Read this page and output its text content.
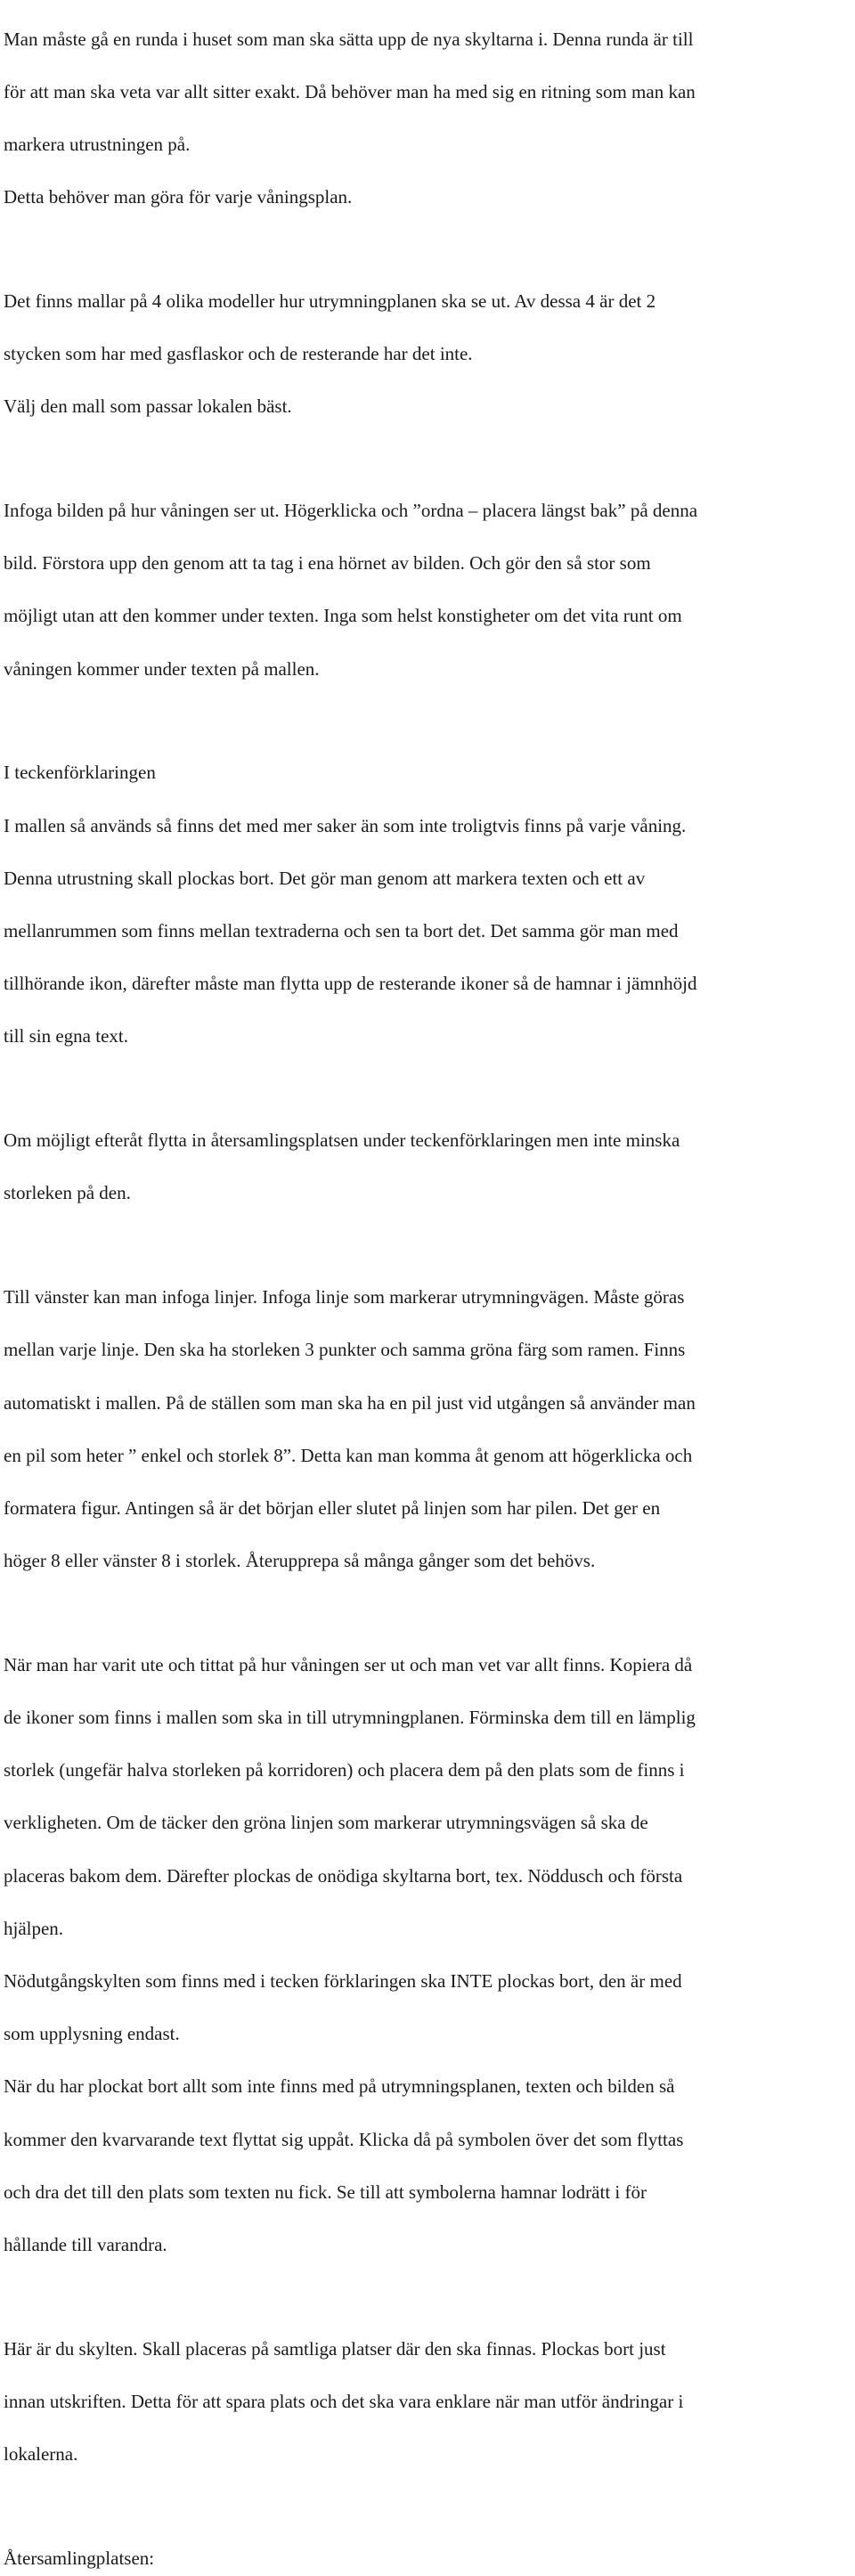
Man måste gå en runda i huset som man ska sätta upp de nya skyltarna i. Denna runda är till

för att man ska veta var allt sitter exakt. Då behöver man ha med sig en ritning som man kan

markera utrustningen på.

Detta behöver man göra för varje våningsplan.

Det finns mallar på 4 olika modeller hur utrymningplanen ska se ut. Av dessa 4 är det 2

stycken som har med gasflaskor och de resterande har det inte.

Välj den mall som passar lokalen bäst.

Infoga bilden på hur våningen ser ut. Högerklicka och ”ordna – placera längst bak” på denna

bild. Förstora upp den genom att ta tag i ena hörnet av bilden. Och gör den så stor som

möjligt utan att den kommer under texten. Inga som helst konstigheter om det vita runt om

våningen kommer under texten på mallen.

I teckenförklaringen

I mallen så används så finns det med mer saker än som inte troligtvis finns på varje våning.

Denna utrustning skall plockas bort. Det gör man genom att markera texten och ett av

mellanrummen som finns mellan textraderna och sen ta bort det. Det samma gör man med

tillhörande ikon, därefter måste man flytta upp de resterande ikoner så de hamnar i jämnhöjd

till sin egna text.

Om möjligt efteråt flytta in återsamlingsplatsen under teckenförklaringen men inte minska

storleken på den.

Till vänster kan man infoga linjer. Infoga linje som markerar utrymningvägen. Måste göras

mellan varje linje. Den ska ha storleken 3 punkter och samma gröna färg som ramen. Finns

automatiskt i mallen. På de ställen som man ska ha en pil just vid utgången så använder man

en pil som heter ” enkel och storlek 8”. Detta kan man komma åt genom att högerklicka och

formatera figur. Antingen så är det början eller slutet på linjen som har pilen. Det ger en

höger 8 eller vänster 8 i storlek. Återupprepa så många gånger som det behövs.

När man har varit ute och tittat på hur våningen ser ut och man vet var allt finns. Kopiera då

de ikoner som finns i mallen som ska in till utrymningplanen. Förminska dem till en lämplig

storlek (ungefär halva storleken på korridoren) och placera dem på den plats som de finns i

verkligheten. Om de täcker den gröna linjen som markerar utrymningsvägen så ska de

placeras bakom dem. Därefter plockas de onödiga skyltarna bort, tex. Nöddusch och första

hjälpen.

Nödutgångskylten som finns med i tecken förklaringen ska INTE plockas bort, den är med

som upplysning endast.

När du har plockat bort allt som inte finns med på utrymningsplanen, texten och bilden så

kommer den kvarvarande text flyttat sig uppåt. Klicka då på symbolen över det som flyttas

och dra det till den plats som texten nu fick. Se till att symbolerna hamnar lodrätt i för

hållande till varandra.

Här är du skylten. Skall placeras på samtliga platser där den ska finnas. Plockas bort just

innan utskriften. Detta för att spara plats och det ska vara enklare när man utför ändringar i

lokalerna.

Återsamlingplatsen:
